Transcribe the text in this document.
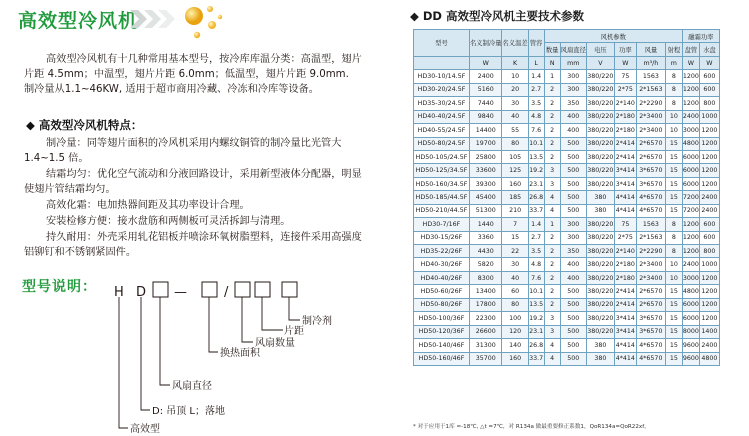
高效型冷风机
高效型冷风机有十几种常用基本型号，按冷库库温分类：高温型，翅片片距 4.5mm；中温型，翅片片距 6.0mm；低温型，翅片片距 9.0mm. 制冷量从1.1~46KW, 适用于超市商用冷藏、冷冻和冷库等设备。
◆ 高效型冷风机特点：
制冷量：同等翅片面积的冷风机采用内螺纹铜管的制冷量比光管大 1.4~1.5 倍。
结霜均匀：优化空气流动和分液回路设计，采用新型液体分配器，明显使翅片管结霜均匀。
高效化霜：电加热器间距及其功率设计合理。
安装检修方便：接水盘筋和两侧板可灵活拆卸与清理。
持久耐用：外壳采用轧花铝板并喷涂环氧树脂塑料，连接件采用高强度铝铆钉和不锈钢紧固件。
型号说明： H D —	/
制冷剂
片距
风扇数量
换热面积
风扇直径
D: 吊顶 L；落地
高效型
◆ DD 高效型冷风机主要技术参数
型号	名义制冷量	名义温差	管容	风机参数						融霜功率	
				数量	风扇直径	电压	功率	风量	射程	盘管	水盘
	W	K	L	N	mm	V	W	m³/h	m	W	W
HD30-10/14.5F	2400	10	1.4	1	300	380/220	75	1563	8	1200	600
HD30-20/24.5F	5160	20	2.7	2	300	380/220	2*75	2*1563	8	1200	600
HD35-30/24.5F	7440	30	3.5	2	350	380/220	2*140	2*2290	8	1200	800
HD40-40/24.5F	9840	40	4.8	2	400	380/220	2*180	2*3400	10	2400	1000
HD40-55/24.5F	14400	55	7.6	2	400	380/220	2*180	2*3400	10	3000	1200
HD50-80/24.5F	19700	80	10.1	2	500	380/220	2*414	2*6570	15	4800	1200
HD50-105/24.5F	25800	105	13.5	2	500	380/220	2*414	2*6570	15	6000	1200
HD50-125/34.5F	33600	125	19.2	3	500	380/220	3*414	3*6570	15	6000	1200
HD50-160/34.5F	39300	160	23.1	3	500	380/220	3*414	3*6570	15	6000	1200
HD50-185/44.5F	45400	185	26.8	4	500	380	4*414	4*6570	15	7200	2400
HD50-210/44.5F	51300	210	33.7	4	500	380	4*414	4*6570	15	7200	2400
HD30-7/16F	1440	7	1.4	1	300	380/220	75	1563	8	1200	600
HD30-15/26F	3360	15	2.7	2	300	380/220	2*75	2*1563	8	1200	600
HD35-22/26F	4430	22	3.5	2	350	380/220	2*140	2*2290	8	1200	800
HD40-30/26F	5820	30	4.8	2	400	380/220	2*180	2*3400	10	2400	1000
HD40-40/26F	8300	40	7.6	2	400	380/220	2*180	2*3400	10	3000	1200
HD50-60/26F	13400	60	10.1	2	500	380/220	2*414	2*6570	15	4800	1200
HD50-80/26F	17800	80	13.5	2	500	380/220	2*414	2*6570	15	6000	1200
HD50-100/36F	22300	100	19.2	3	500	380/220	3*414	3*6570	15	6000	1200
HD50-120/36F	26600	120	23.1	3	500	380/220	3*414	3*6570	15	8000	1400
HD50-140/46F	31300	140	26.8	4	500	380	4*414	4*6570	15	9600	2400
HD50-160/46F	35700	160	33.7	4	500	380	4*414	4*6570	15	9600	4800
* 对于应用于1库 ≈-18℃, △t =7℃，对 R134a 做最重要修正系数1，QoR134a=QoR22xf。
